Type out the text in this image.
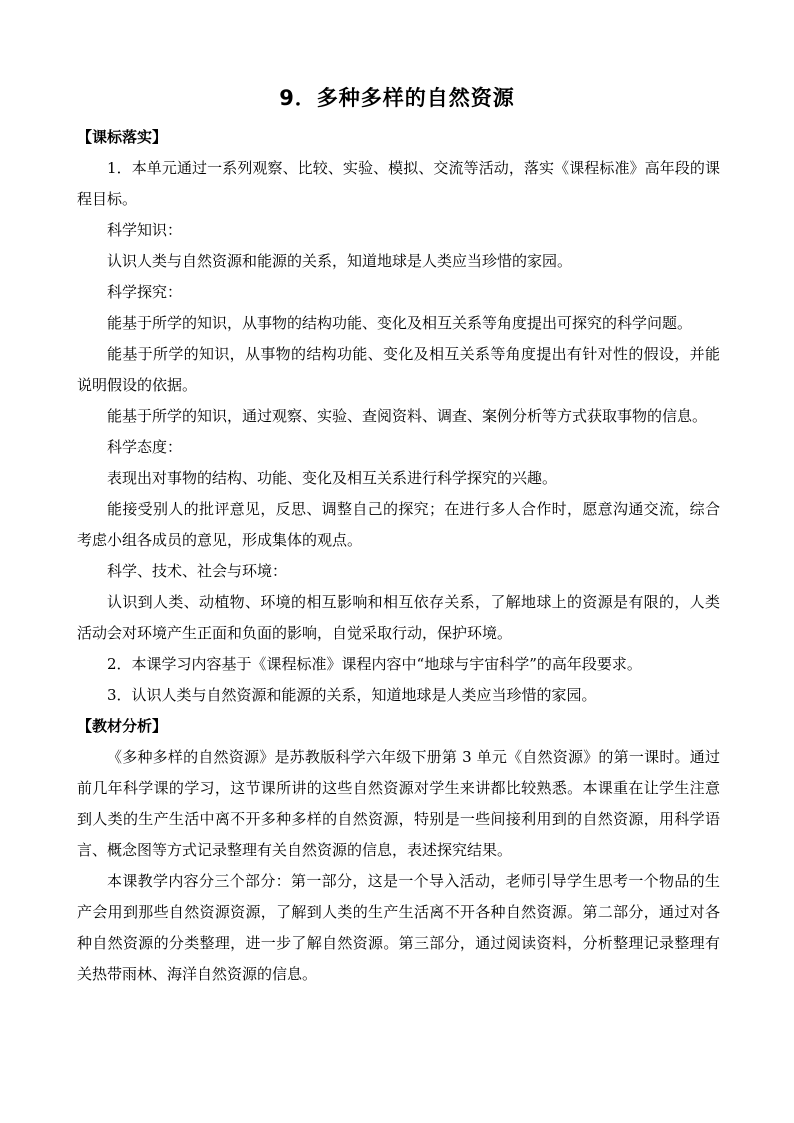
9．多种多样的自然资源
【课标落实】

1．本单元通过一系列观察、比较、实验、模拟、交流等活动，落实《课程标准》高年段的课程目标。

科学知识：

认识人类与自然资源和能源的关系，知道地球是人类应当珍惜的家园。

科学探究：

能基于所学的知识，从事物的结构功能、变化及相互关系等角度提出可探究的科学问题。

能基于所学的知识，从事物的结构功能、变化及相互关系等角度提出有针对性的假设，并能说明假设的依据。

能基于所学的知识，通过观察、实验、查阅资料、调查、案例分析等方式获取事物的信息。

科学态度：

表现出对事物的结构、功能、变化及相互关系进行科学探究的兴趣。

能接受别人的批评意见，反思、调整自己的探究；在进行多人合作时，愿意沟通交流，综合考虑小组各成员的意见，形成集体的观点。

科学、技术、社会与环境：

认识到人类、动植物、环境的相互影响和相互依存关系，了解地球上的资源是有限的，人类活动会对环境产生正面和负面的影响，自觉采取行动，保护环境。

2．本课学习内容基于《课程标准》课程内容中“地球与宇宙科学”的高年段要求。

3．认识人类与自然资源和能源的关系，知道地球是人类应当珍惜的家园。

【教材分析】

《多种多样的自然资源》是苏教版科学六年级下册第 3 单元《自然资源》的第一课时。通过前几年科学课的学习，这节课所讲的这些自然资源对学生来讲都比较熟悉。本课重在让学生注意到人类的生产生活中离不开多种多样的自然资源，特别是一些间接利用到的自然资源，用科学语言、概念图等方式记录整理有关自然资源的信息，表述探究结果。

本课教学内容分三个部分：第一部分，这是一个导入活动，老师引导学生思考一个物品的生产会用到那些自然资源资源，了解到人类的生产生活离不开各种自然资源。第二部分，通过对各种自然资源的分类整理，进一步了解自然资源。第三部分，通过阅读资料，分析整理记录整理有关热带雨林、海洋自然资源的信息。
